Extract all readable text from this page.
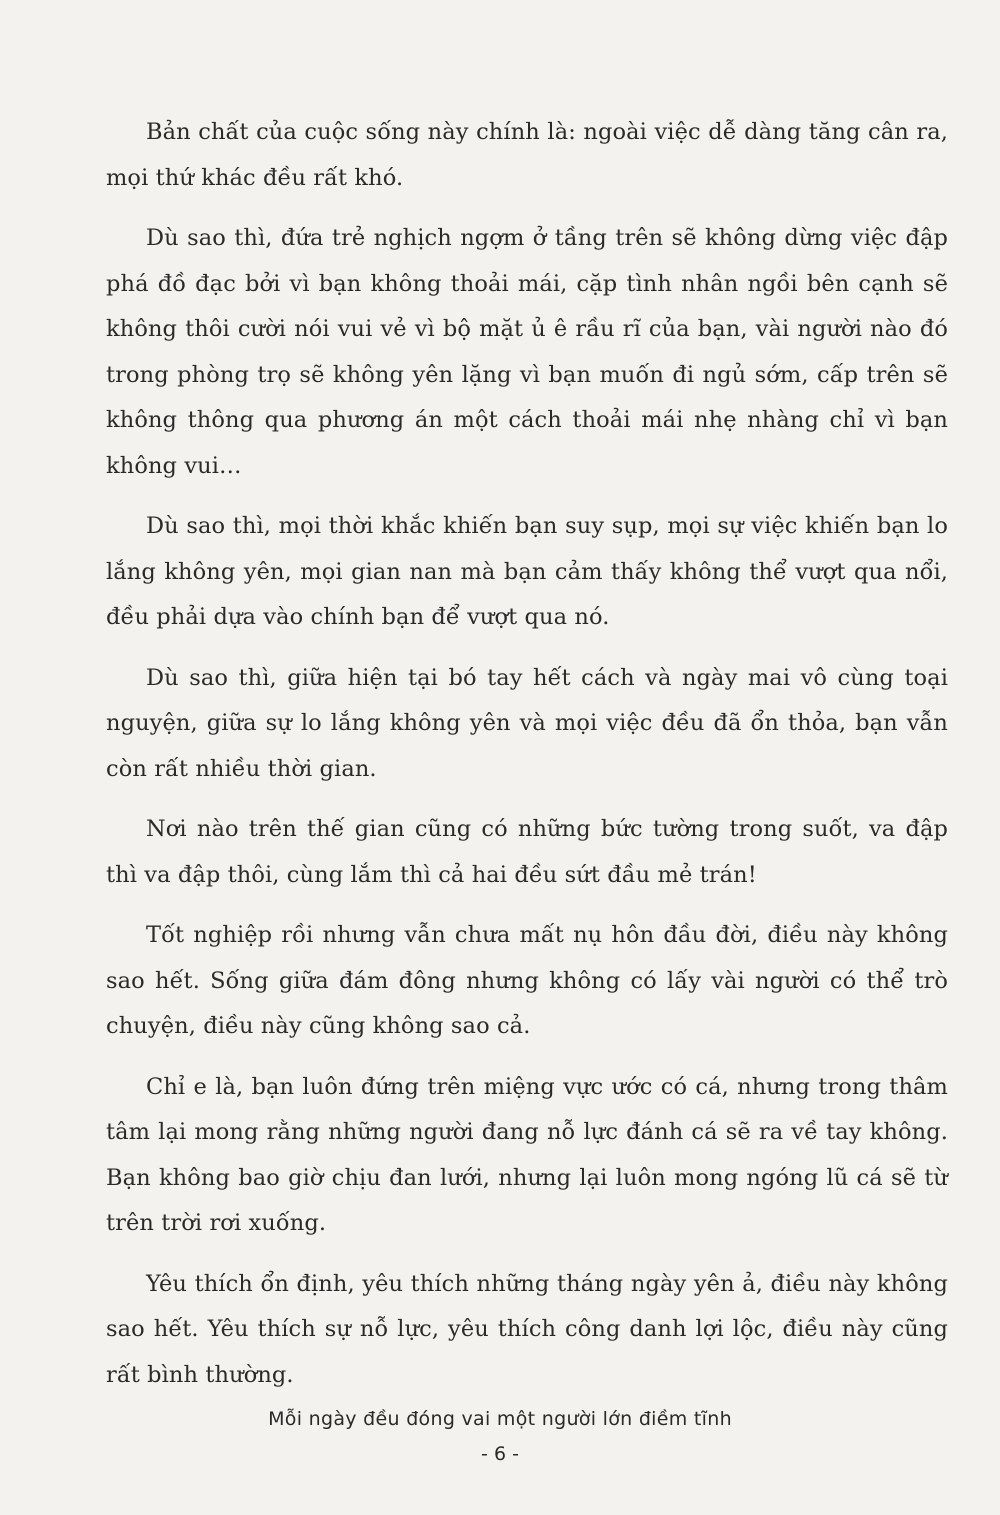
Bản chất của cuộc sống này chính là: ngoài việc dễ dàng tăng cân ra, mọi thứ khác đều rất khó.

Dù sao thì, đứa trẻ nghịch ngợm ở tầng trên sẽ không dừng việc đập phá đồ đạc bởi vì bạn không thoải mái, cặp tình nhân ngồi bên cạnh sẽ không thôi cười nói vui vẻ vì bộ mặt ủ ê rầu rĩ của bạn, vài người nào đó trong phòng trọ sẽ không yên lặng vì bạn muốn đi ngủ sớm, cấp trên sẽ không thông qua phương án một cách thoải mái nhẹ nhàng chỉ vì bạn không vui…

Dù sao thì, mọi thời khắc khiến bạn suy sụp, mọi sự việc khiến bạn lo lắng không yên, mọi gian nan mà bạn cảm thấy không thể vượt qua nổi, đều phải dựa vào chính bạn để vượt qua nó.

Dù sao thì, giữa hiện tại bó tay hết cách và ngày mai vô cùng toại nguyện, giữa sự lo lắng không yên và mọi việc đều đã ổn thỏa, bạn vẫn còn rất nhiều thời gian.

Nơi nào trên thế gian cũng có những bức tường trong suốt, va đập thì va đập thôi, cùng lắm thì cả hai đều sứt đầu mẻ trán!

Tốt nghiệp rồi nhưng vẫn chưa mất nụ hôn đầu đời, điều này không sao hết. Sống giữa đám đông nhưng không có lấy vài người có thể trò chuyện, điều này cũng không sao cả.

Chỉ e là, bạn luôn đứng trên miệng vực ước có cá, nhưng trong thâm tâm lại mong rằng những người đang nỗ lực đánh cá sẽ ra về tay không. Bạn không bao giờ chịu đan lưới, nhưng lại luôn mong ngóng lũ cá sẽ từ trên trời rơi xuống.

Yêu thích ổn định, yêu thích những tháng ngày yên ả, điều này không sao hết. Yêu thích sự nỗ lực, yêu thích công danh lợi lộc, điều này cũng rất bình thường.

Mỗi ngày đều đóng vai một người lớn điềm tĩnh
- 6 -
